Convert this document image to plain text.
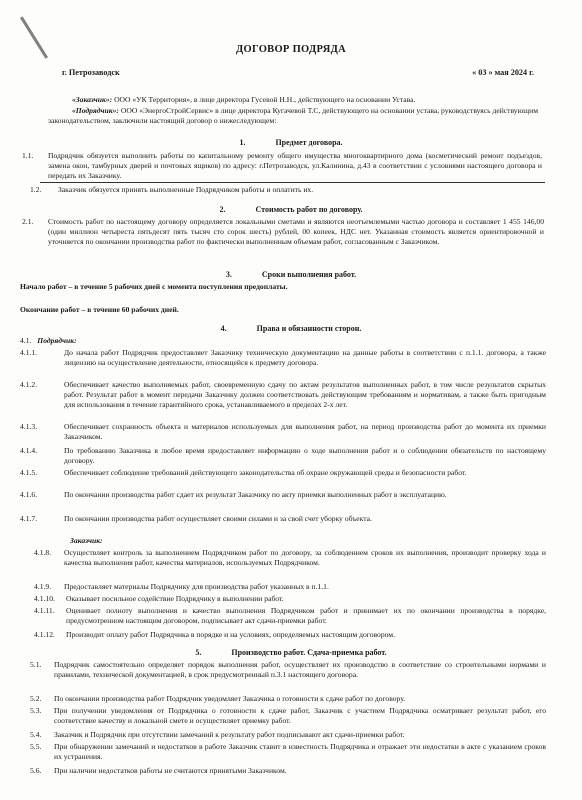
ДОГОВОР ПОДРЯДА
г. Петрозаводск	« 03 » мая 2024 г.
«Заказчик»: ООО «УК Территория», в лице директора Гусевой Н.Н., действующего на основании Устава.
«Подрядчик»: ООО «ЭнергоСтройСервис» в лице директора Кугачевой Т.С, действующего на основании устава, руководствуясь действующим законодательством, заключили настоящий договор о нижеследующем:
1.	Предмет договора.
1.1. Подрядчик обязуется выполнить работы по капитальному ремонту общего имущества многоквартирного дома (косметический ремонт подъездов, замена окон, тамбурных дверей и почтовых ящиков) по адресу: г.Петрозаводск, ул.Калинина, д.43 в соответствии с условиями настоящего договора и передать их Заказчику.
1.2. Заказчик обязуется принять выполненные Подрядчиком работы и оплатить их.
2.	Стоимость работ по договору.
2.1. Стоимость работ по настоящему договору определяется локальными сметами и являются неотъемлемыми частью договора и составляет 1 455 146,00 (один миллион четыреста пятьдесят пять тысяч сто сорок шесть) рублей, 00 копеек, НДС нет. Указанная стоимость является ориентировочной и уточняется по окончании производства работ по фактически выполненным объемам работ, согласованным с Заказчиком.
3.	Сроки выполнения работ.
Начало работ – в течение 5 рабочих дней с момента поступления предоплаты.
Окончание работ – в течение 60 рабочих дней.
4.	Права и обязанности сторон.
4.1. Подрядчик:
4.1.1.	До начала работ Подрядчик предоставляет Заказчику техническую документацию на данные работы в соответствии с п.1.1. договора, а также лицензию на осуществление деятельности, относящейся к предмету договора.
4.1.2.	Обеспечивает качество выполняемых работ, своевременную сдачу по актам результатов выполненных работ, в том числе результатов скрытых работ. Результат работ в момент передачи Заказчику должен соответствовать действующим требованиям и нормативам, а также быть пригодным для использования в течение гарантийного срока, устанавливаемого в пределах 2-х лет.
4.1.3.	Обеспечивает сохранность объекта и материалов используемых для выполнения работ, на период производства работ до момента их приемки Заказчиком.
4.1.4.	По требованию Заказчика в любое время предоставляет информацию о ходе выполнения работ и о соблюдении обязательств по настоящему договору.
4.1.5.	Обеспечивает соблюдение требований действующего законодательства об охране окружающей среды и безопасности работ.
4.1.6.	По окончании производства работ сдает их результат Заказчику по акту приемки выполненных работ в эксплуатацию.
4.1.7.	По окончании производства работ осуществляет своими силами и за свой счет уборку объекта.
Заказчик:
4.1.8. Осуществляет контроль за выполнением Подрядчиком работ по договору, за соблюдением сроков их выполнения, производит проверку хода и качества выполнения работ, качества материалов, используемых Подрядчиком.
4.1.9. Предоставляет материалы Подрядчику для производства работ указанных в п.1.1.
4.1.10. Оказывает посильное содействие Подрядчику в выполнении работ.
4.1.11. Оценивает полноту выполнения и качество выполнения Подрядчиком работ и принимает их по окончании производства в порядке, предусмотренном настоящим договором, подписывает акт сдачи-приемки работ.
4.1.12. Производит оплату работ Подрядчика в порядке и на условиях, определяемых настоящим договором.
5.	Производство работ. Сдача-приемка работ.
5.1. Подрядчик самостоятельно определяет порядок выполнения работ, осуществляет их производство в соответствие со строительными нормами и правилами, технической документацией, в срок предусмотренный п.3.1 настоящего договора.
5.2. По окончании производства работ Подрядчик уведомляет Заказчика о готовности к сдаче работ по договору.
5.3. При получении уведомления от Подрядчика о готовности к сдаче работ, Заказчик с участием Подрядчика осматривает результат работ, его соответствие качеству и локальной смете и осуществляет приемку работ.
5.4. Заказчик и Подрядчик при отсутствии замечаний к результату работ подписывают акт сдачи-приемки работ.
5.5. При обнаружении замечаний и недостатков в работе Заказчик ставит в известность Подрядчика и отражает эти недостатки в акте с указанием сроков их устранения.
5.6. При наличии недостатков работы не считаются принятыми Заказчиком.
